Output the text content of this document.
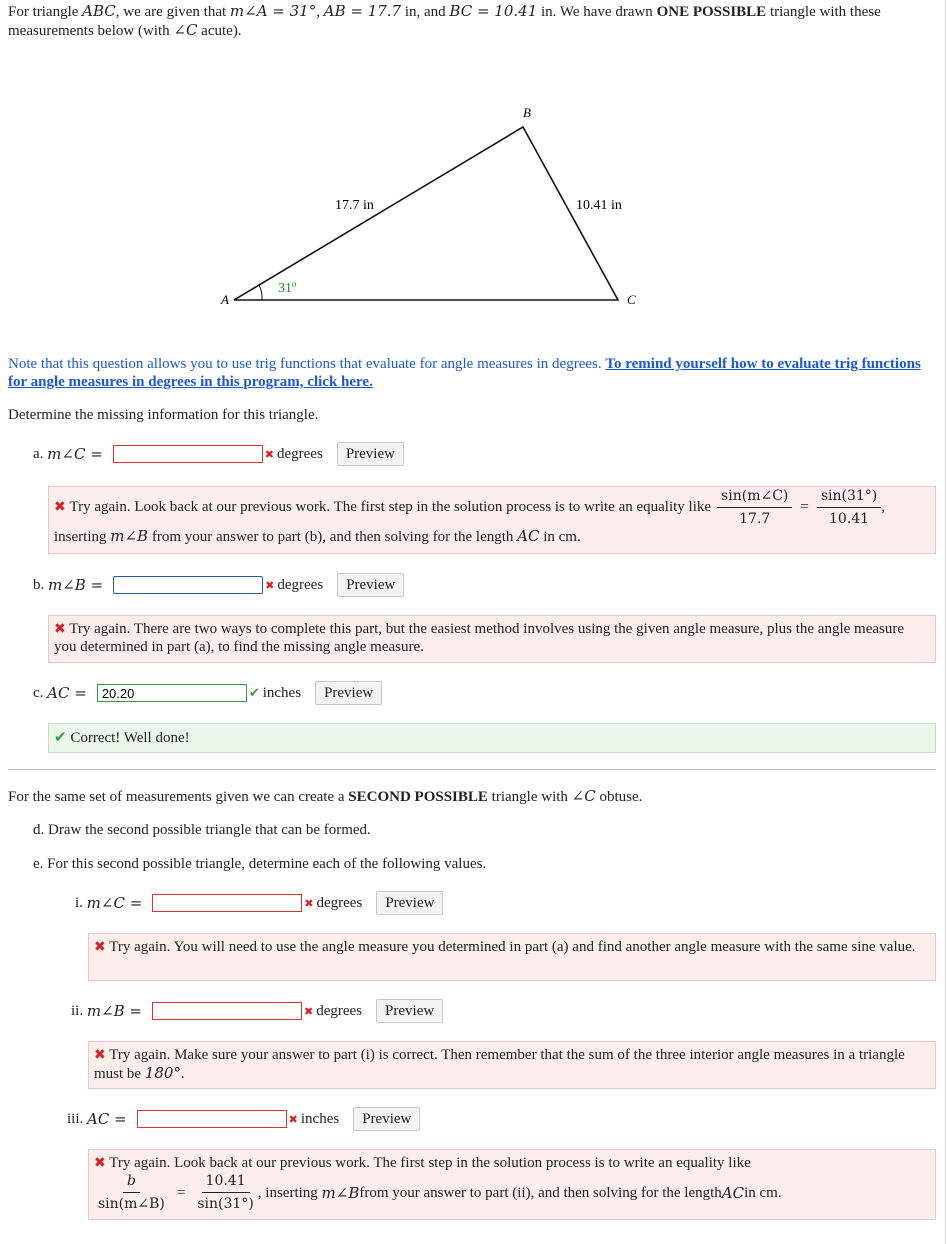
For triangle ABC, we are given that m∠A = 31°, AB = 17.7 in, and BC = 10.41 in. We have drawn ONE POSSIBLE triangle with these measurements below (with ∠C acute).
A
B
C
17.7 in	10.41 in
31º
Note that this question allows you to use trig functions that evaluate for angle measures in degrees. To remind yourself how to evaluate trig functions for angle measures in degrees in this program, click here.
Determine the missing information for this triangle.
a.
m∠C =	✖ degrees	Preview
✖
Try again. Look back at our previous work. The first step in the solution process is to write an equality like $\frac{\sin(m\angle C)}{17.7} = \frac{\sin(31^\circ)}{10.41}$ ,
inserting m∠B from your answer to part (b), and then solving for the length AC in cm.
b.
m∠B =	✖ degrees	Preview
✖ Try again. There are two ways to complete this part, but the easiest method involves using the given angle measure, plus the angle measure you determined in part (a), to find the missing angle measure.
c.
AC =
20.20	✔ inches	Preview
✔ Correct! Well done!
For the same set of measurements given we can create a SECOND POSSIBLE triangle with ∠C obtuse.
d. Draw the second possible triangle that can be formed.
e. For this second possible triangle, determine each of the following values.
i.
m∠C =	✖ degrees	Preview
✖ Try again. You will need to use the angle measure you determined in part (a) and find another angle measure with the same sine value.
ii.
m∠B =	✖ degrees	Preview
✖ Try again. Make sure your answer to part (i) is correct. Then remember that the sum of the three interior angle measures in a triangle must be 180°.
iii.
AC =	✖ inches	Preview
✖ Try again. Look back at our previous work. The first step in the solution process is to write an equality like
$\frac{b}{\sin(m\angle B)} = \frac{10.41}{\sin(31^\circ)}$ , inserting
m∠B from your answer to part (ii), and then solving for the length AC in cm.
